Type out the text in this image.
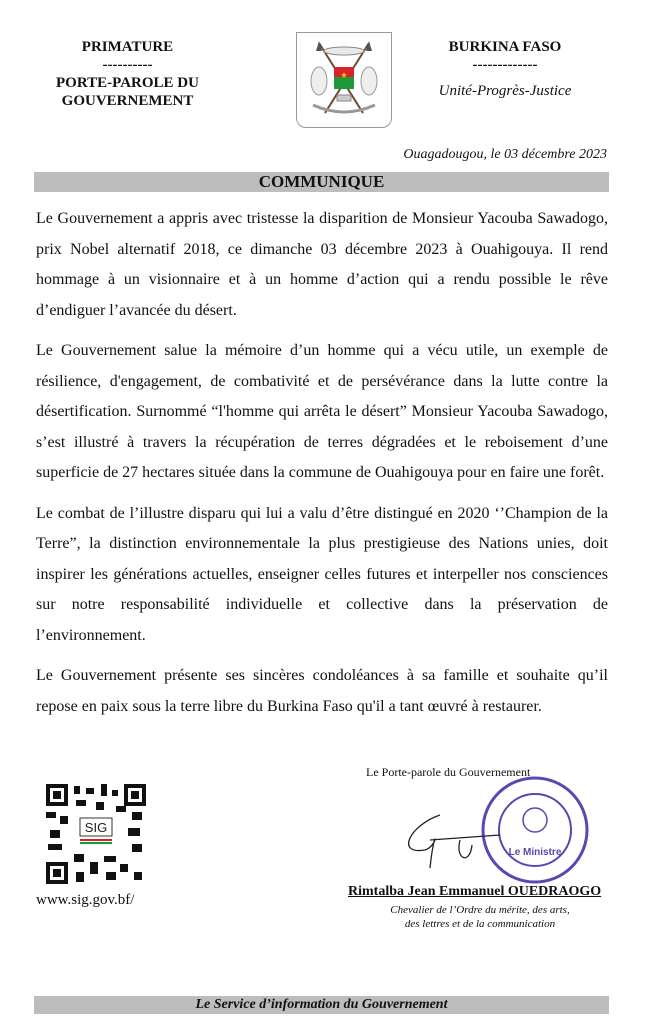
PRIMATURE
----------
PORTE-PAROLE DU
GOUVERNEMENT
BURKINA FASO
-------------
Unité-Progrès-Justice
Ouagadougou, le 03 décembre 2023
COMMUNIQUE
Le Gouvernement a appris avec tristesse la disparition de Monsieur Yacouba Sawadogo,
prix Nobel alternatif 2018, ce dimanche 03 décembre 2023 à Ouahigouya. Il rend
hommage à un visionnaire et à un homme d’action qui a rendu possible le rêve
d’endiguer l’avancée du désert.
Le Gouvernement salue la mémoire d’un homme qui a vécu utile, un exemple de
résilience, d'engagement, de combativité et de persévérance dans la lutte contre la
désertification. Surnommé “l'homme qui arrêta le désert” Monsieur Yacouba Sawadogo,
s’est illustré à travers la récupération de terres dégradées et le reboisement d’une
superficie de 27 hectares située dans la commune de Ouahigouya pour en faire une forêt.
Le combat de l’illustre disparu qui lui a valu d’être distingué en 2020 ‘’Champion de la
Terre”, la distinction environnementale la plus prestigieuse des Nations unies, doit
inspirer les générations actuelles, enseigner celles futures et interpeller nos consciences
sur notre responsabilité individuelle et collective dans la préservation de
l’environnement.
Le Gouvernement présente ses sincères condoléances à sa famille et souhaite qu’il
repose en paix sous la terre libre du Burkina Faso qu'il a tant œuvré à restaurer.
SIG
www.sig.gov.bf/
Le Porte-parole du Gouvernement
Le Ministre
Rimtalba Jean Emmanuel OUEDRAOGO
Chevalier de l’Ordre du mérite, des arts,
des lettres et de la communication
Le Service d’information du Gouvernement
